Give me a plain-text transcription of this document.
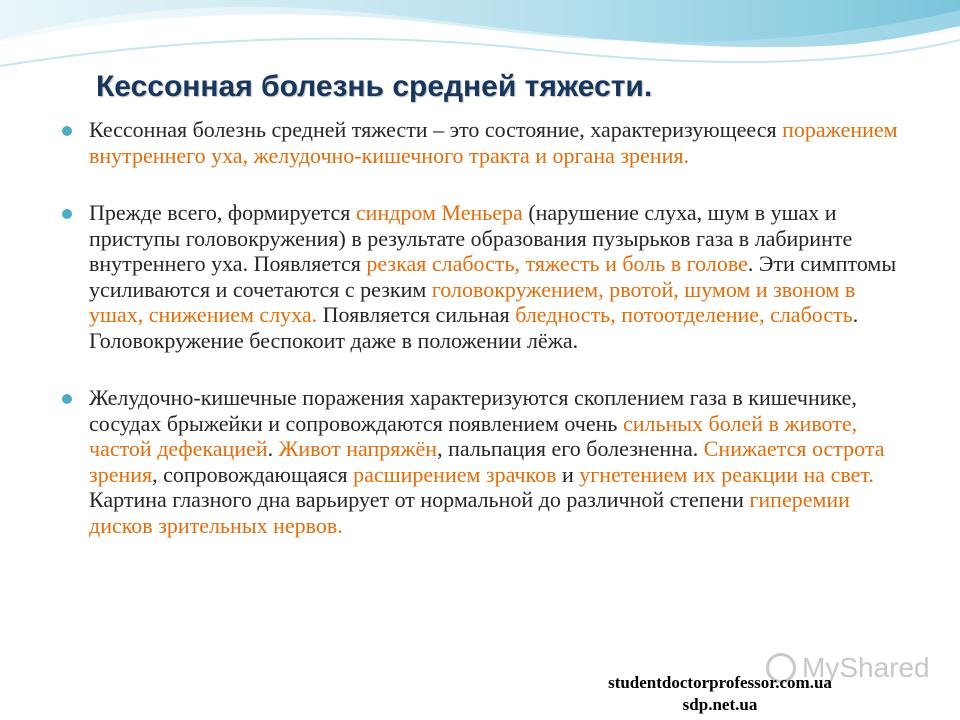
Кессонная болезнь средней тяжести.
Кессонная болезнь средней тяжести – это состояние, характеризующееся поражением внутреннего уха, желудочно-кишечного тракта и органа зрения.
Прежде всего, формируется синдром Меньера (нарушение слуха, шум в ушах и приступы головокружения) в результате образования пузырьков газа в лабиринте внутреннего уха. Появляется резкая слабость, тяжесть и боль в голове. Эти симптомы усиливаются и сочетаются с резким головокружением, рвотой, шумом и звоном в ушах, снижением слуха. Появляется сильная бледность, потоотделение, слабость. Головокружение беспокоит даже в положении лёжа.
Желудочно-кишечные поражения характеризуются скоплением газа в кишечнике, сосудах брыжейки и сопровождаются появлением очень сильных болей в животе, частой дефекацией. Живот напряжён, пальпация его болезненна. Снижается острота зрения, сопровождающаяся расширением зрачков и угнетением их реакции на свет. Картина глазного дна варьирует от нормальной до различной степени гиперемии дисков зрительных нервов.
MyShared
studentdoctorprofessor.com.ua
sdp.net.ua
